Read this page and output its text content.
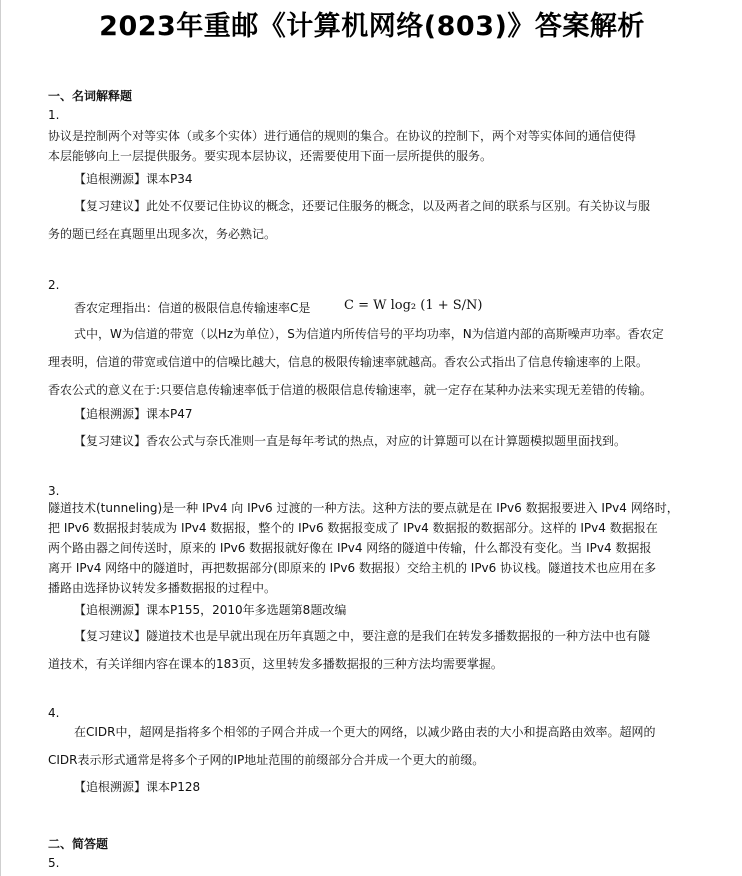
2023年重邮《计算机网络(803)》答案解析
一、名词解释题
1.
协议是控制两个对等实体（或多个实体）进行通信的规则的集合。在协议的控制下，两个对等实体间的通信使得
本层能够向上一层提供服务。要实现本层协议，还需要使用下面一层所提供的服务。
【追根溯源】课本P34
【复习建议】此处不仅要记住协议的概念，还要记住服务的概念，以及两者之间的联系与区别。有关协议与服
务的题已经在真题里出现多次，务必熟记。
2.
香农定理指出：信道的极限信息传输速率C是	C = W log₂ (1 + S/N)
式中，W为信道的带宽（以Hz为单位），S为信道内所传信号的平均功率，N为信道内部的高斯噪声功率。香农定
理表明，信道的带宽或信道中的信噪比越大，信息的极限传输速率就越高。香农公式指出了信息传输速率的上限。
香农公式的意义在于:只要信息传输速率低于信道的极限信息传输速率，就一定存在某种办法来实现无差错的传输。
【追根溯源】课本P47
【复习建议】香农公式与奈氏准则一直是每年考试的热点，对应的计算题可以在计算题模拟题里面找到。
3.
隧道技术(tunneling)是一种 IPv4 向 IPv6 过渡的一种方法。这种方法的要点就是在 IPv6 数据报要进入 IPv4 网络时，
把 IPv6 数据报封装成为 IPv4 数据报，整个的 IPv6 数据报变成了 IPv4 数据报的数据部分。这样的 IPv4 数据报在
两个路由器之间传送时，原来的 IPv6 数据报就好像在 IPv4 网络的隧道中传输，什么都没有变化。当 IPv4 数据报
离开 IPv4 网络中的隧道时，再把数据部分(即原来的 IPv6 数据报）交给主机的 IPv6 协议栈。隧道技术也应用在多
播路由选择协议转发多播数据报的过程中。
【追根溯源】课本P155，2010年多选题第8题改编
【复习建议】隧道技术也是早就出现在历年真题之中，要注意的是我们在转发多播数据报的一种方法中也有隧
道技术，有关详细内容在课本的183页，这里转发多播数据报的三种方法均需要掌握。
4.
在CIDR中，超网是指将多个相邻的子网合并成一个更大的网络，以减少路由表的大小和提高路由效率。超网的
CIDR表示形式通常是将多个子网的IP地址范围的前缀部分合并成一个更大的前缀。
【追根溯源】课本P128
二、简答题
5.
